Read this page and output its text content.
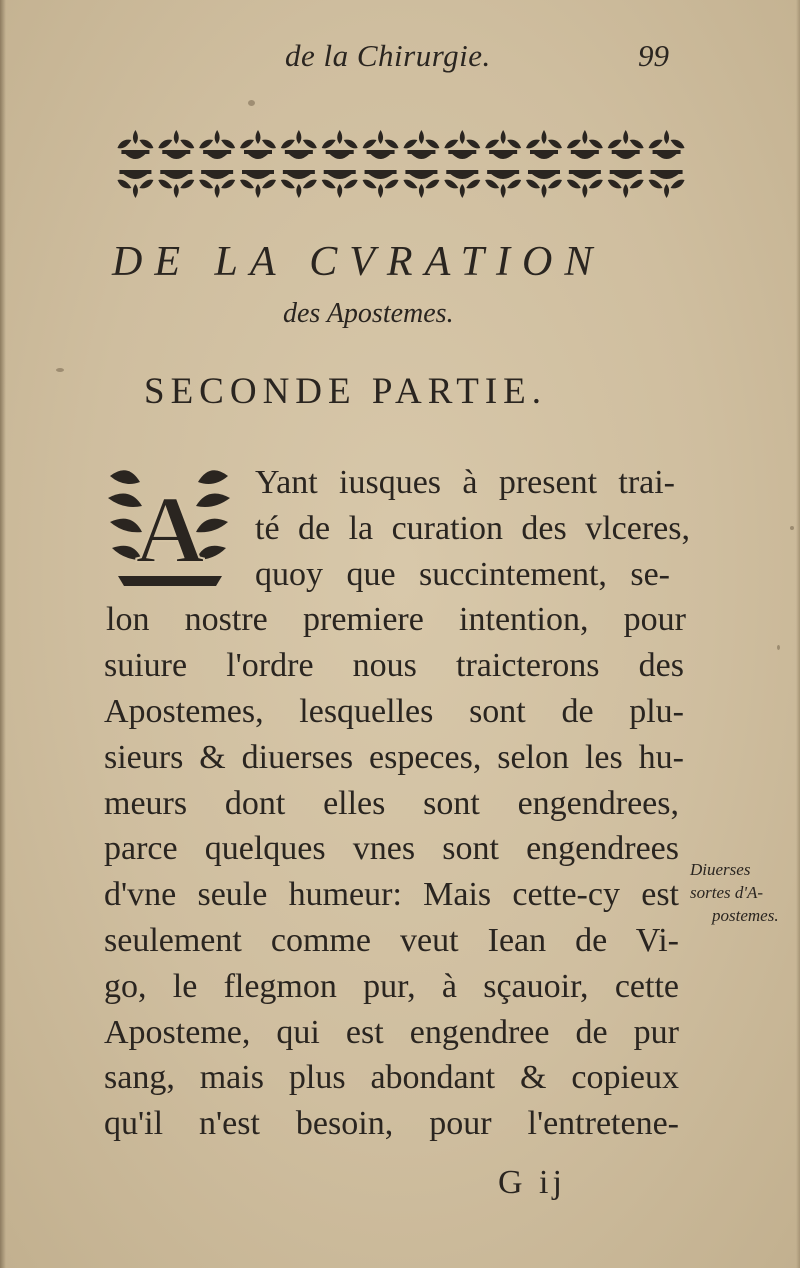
de la Chirurgie.	99
DE LA CVRATION
des Apostemes.
SECONDE PARTIE.
A Yant iusques à present trai-
té de la curation des vlceres,
quoy que succintement, se-
lon nostre premiere intention, pour
suiure l'ordre nous traicterons des
Apostemes, lesquelles sont de plu-
sieurs & diuerses especes, selon les hu-
meurs dont elles sont engendrees,
parce quelques vnes sont engendrees
d'vne seule humeur: Mais cette-cy est
seulement comme veut Iean de Vi-
go, le flegmon pur, à sçauoir, cette
Aposteme, qui est engendree de pur
sang, mais plus abondant & copieux
qu'il n'est besoin, pour l'entretene-
Diuerses
sortes d'A-
postemes.
G ij
